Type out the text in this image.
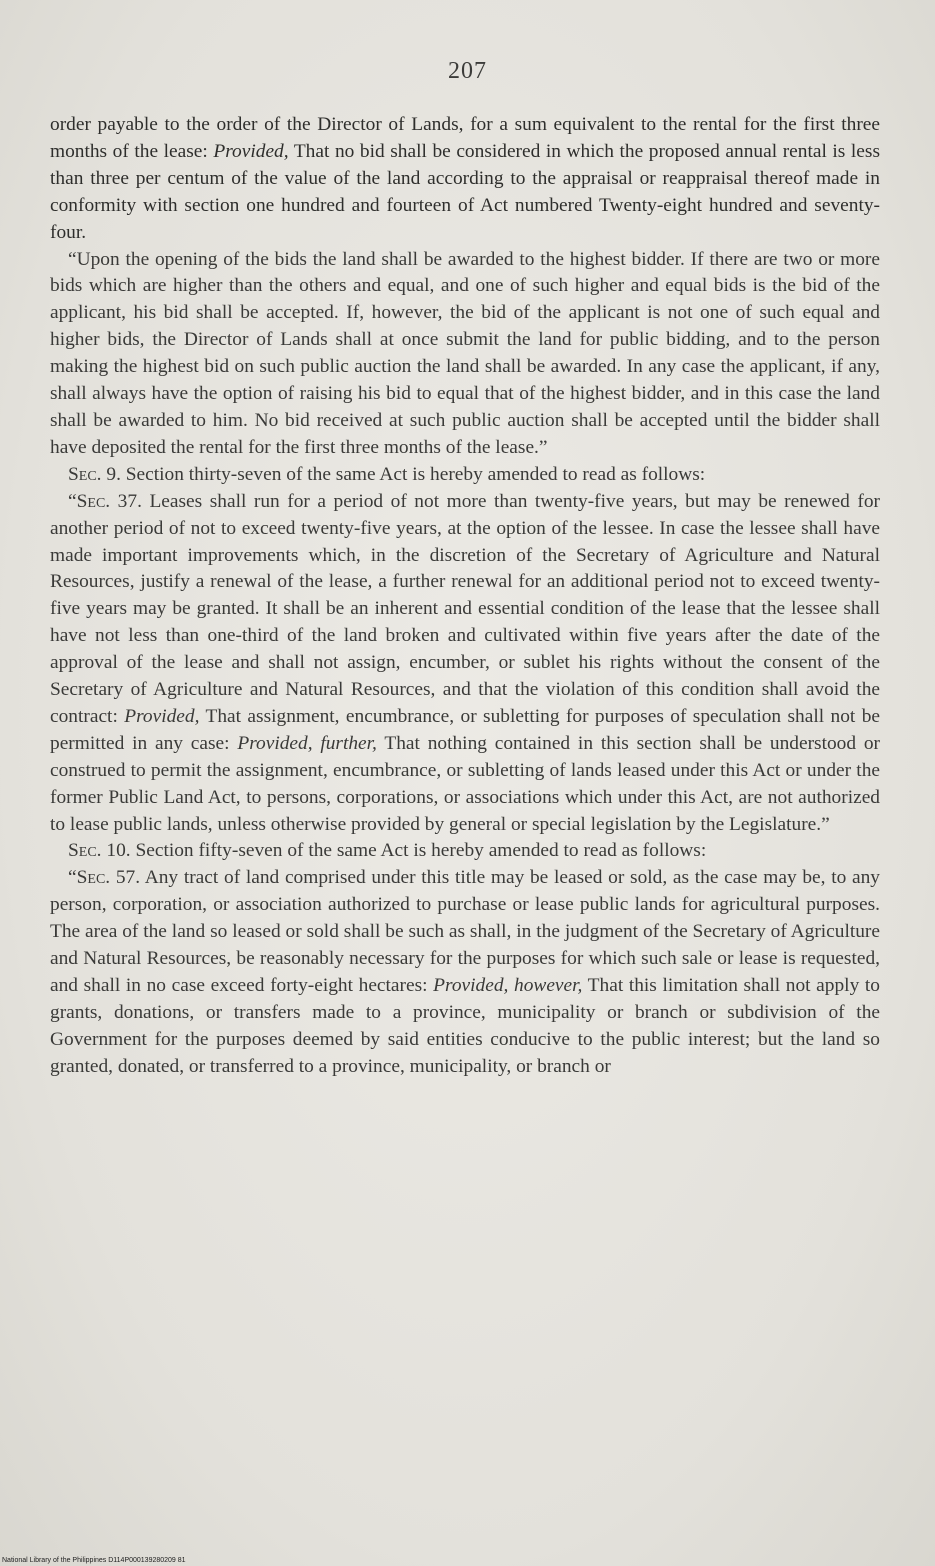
207

order payable to the order of the Director of Lands, for a sum equivalent to the rental for the first three months of the lease: Provided, That no bid shall be considered in which the proposed annual rental is less than three per centum of the value of the land according to the appraisal or reappraisal thereof made in conformity with section one hundred and fourteen of Act numbered Twenty-eight hundred and seventy-four.

“Upon the opening of the bids the land shall be awarded to the highest bidder. If there are two or more bids which are higher than the others and equal, and one of such higher and equal bids is the bid of the applicant, his bid shall be accepted. If, however, the bid of the applicant is not one of such equal and higher bids, the Director of Lands shall at once submit the land for public bidding, and to the person making the highest bid on such public auction the land shall be awarded. In any case the applicant, if any, shall always have the option of raising his bid to equal that of the highest bidder, and in this case the land shall be awarded to him. No bid received at such public auction shall be accepted until the bidder shall have deposited the rental for the first three months of the lease.”

Sec. 9. Section thirty-seven of the same Act is hereby amended to read as follows:

“Sec. 37. Leases shall run for a period of not more than twenty-five years, but may be renewed for another period of not to exceed twenty-five years, at the option of the lessee. In case the lessee shall have made important improvements which, in the discretion of the Secretary of Agriculture and Natural Resources, justify a renewal of the lease, a further renewal for an additional period not to exceed twenty-five years may be granted. It shall be an inherent and essential condition of the lease that the lessee shall have not less than one-third of the land broken and cultivated within five years after the date of the approval of the lease and shall not assign, encumber, or sublet his rights without the consent of the Secretary of Agriculture and Natural Resources, and that the violation of this condition shall avoid the contract: Provided, That assignment, encumbrance, or subletting for purposes of speculation shall not be permitted in any case: Provided, further, That nothing contained in this section shall be understood or construed to permit the assignment, encumbrance, or subletting of lands leased under this Act or under the former Public Land Act, to persons, corporations, or associations which under this Act, are not authorized to lease public lands, unless otherwise provided by general or special legislation by the Legislature.”

Sec. 10. Section fifty-seven of the same Act is hereby amended to read as follows:

“Sec. 57. Any tract of land comprised under this title may be leased or sold, as the case may be, to any person, corporation, or association authorized to purchase or lease public lands for agricultural purposes. The area of the land so leased or sold shall be such as shall, in the judgment of the Secretary of Agriculture and Natural Resources, be reasonably necessary for the purposes for which such sale or lease is requested, and shall in no case exceed forty-eight hectares: Provided, however, That this limitation shall not apply to grants, donations, or transfers made to a province, municipality or branch or subdivision of the Government for the purposes deemed by said entities conducive to the public interest; but the land so granted, donated, or transferred to a province, municipality, or branch or

National Library of the Philippines D114P000139280209 81
